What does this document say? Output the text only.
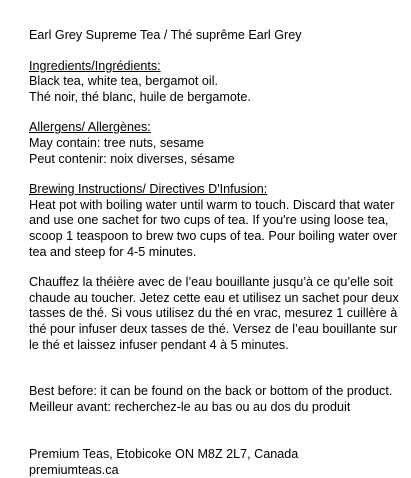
Earl Grey Supreme Tea / Thé suprême Earl Grey
Ingredients/Ingrédients:
Black tea, white tea, bergamot oil.
Thé noir, thé blanc, huile de bergamote.
Allergens/ Allergènes:
May contain: tree nuts, sesame
Peut contenir: noix diverses, sésame
Brewing Instructions/ Directives D'Infusion:
Heat pot with boiling water until warm to touch. Discard that water
and use one sachet for two cups of tea. If you're using loose tea,
scoop 1 teaspoon to brew two cups of tea. Pour boiling water over
tea and steep for 4-5 minutes.
Chauffez la théière avec de l’eau bouillante jusqu’à ce qu’elle soit
chaude au toucher. Jetez cette eau et utilisez un sachet pour deux
tasses de thé. Si vous utilisez du thé en vrac, mesurez 1 cuillère à
thé pour infuser deux tasses de thé. Versez de l’eau bouillante sur
le thé et laissez infuser pendant 4 à 5 minutes.
Best before: it can be found on the back or bottom of the product.
Meilleur avant: recherchez-le au bas ou au dos du produit
Premium Teas, Etobicoke ON M8Z 2L7, Canada
premiumteas.ca
